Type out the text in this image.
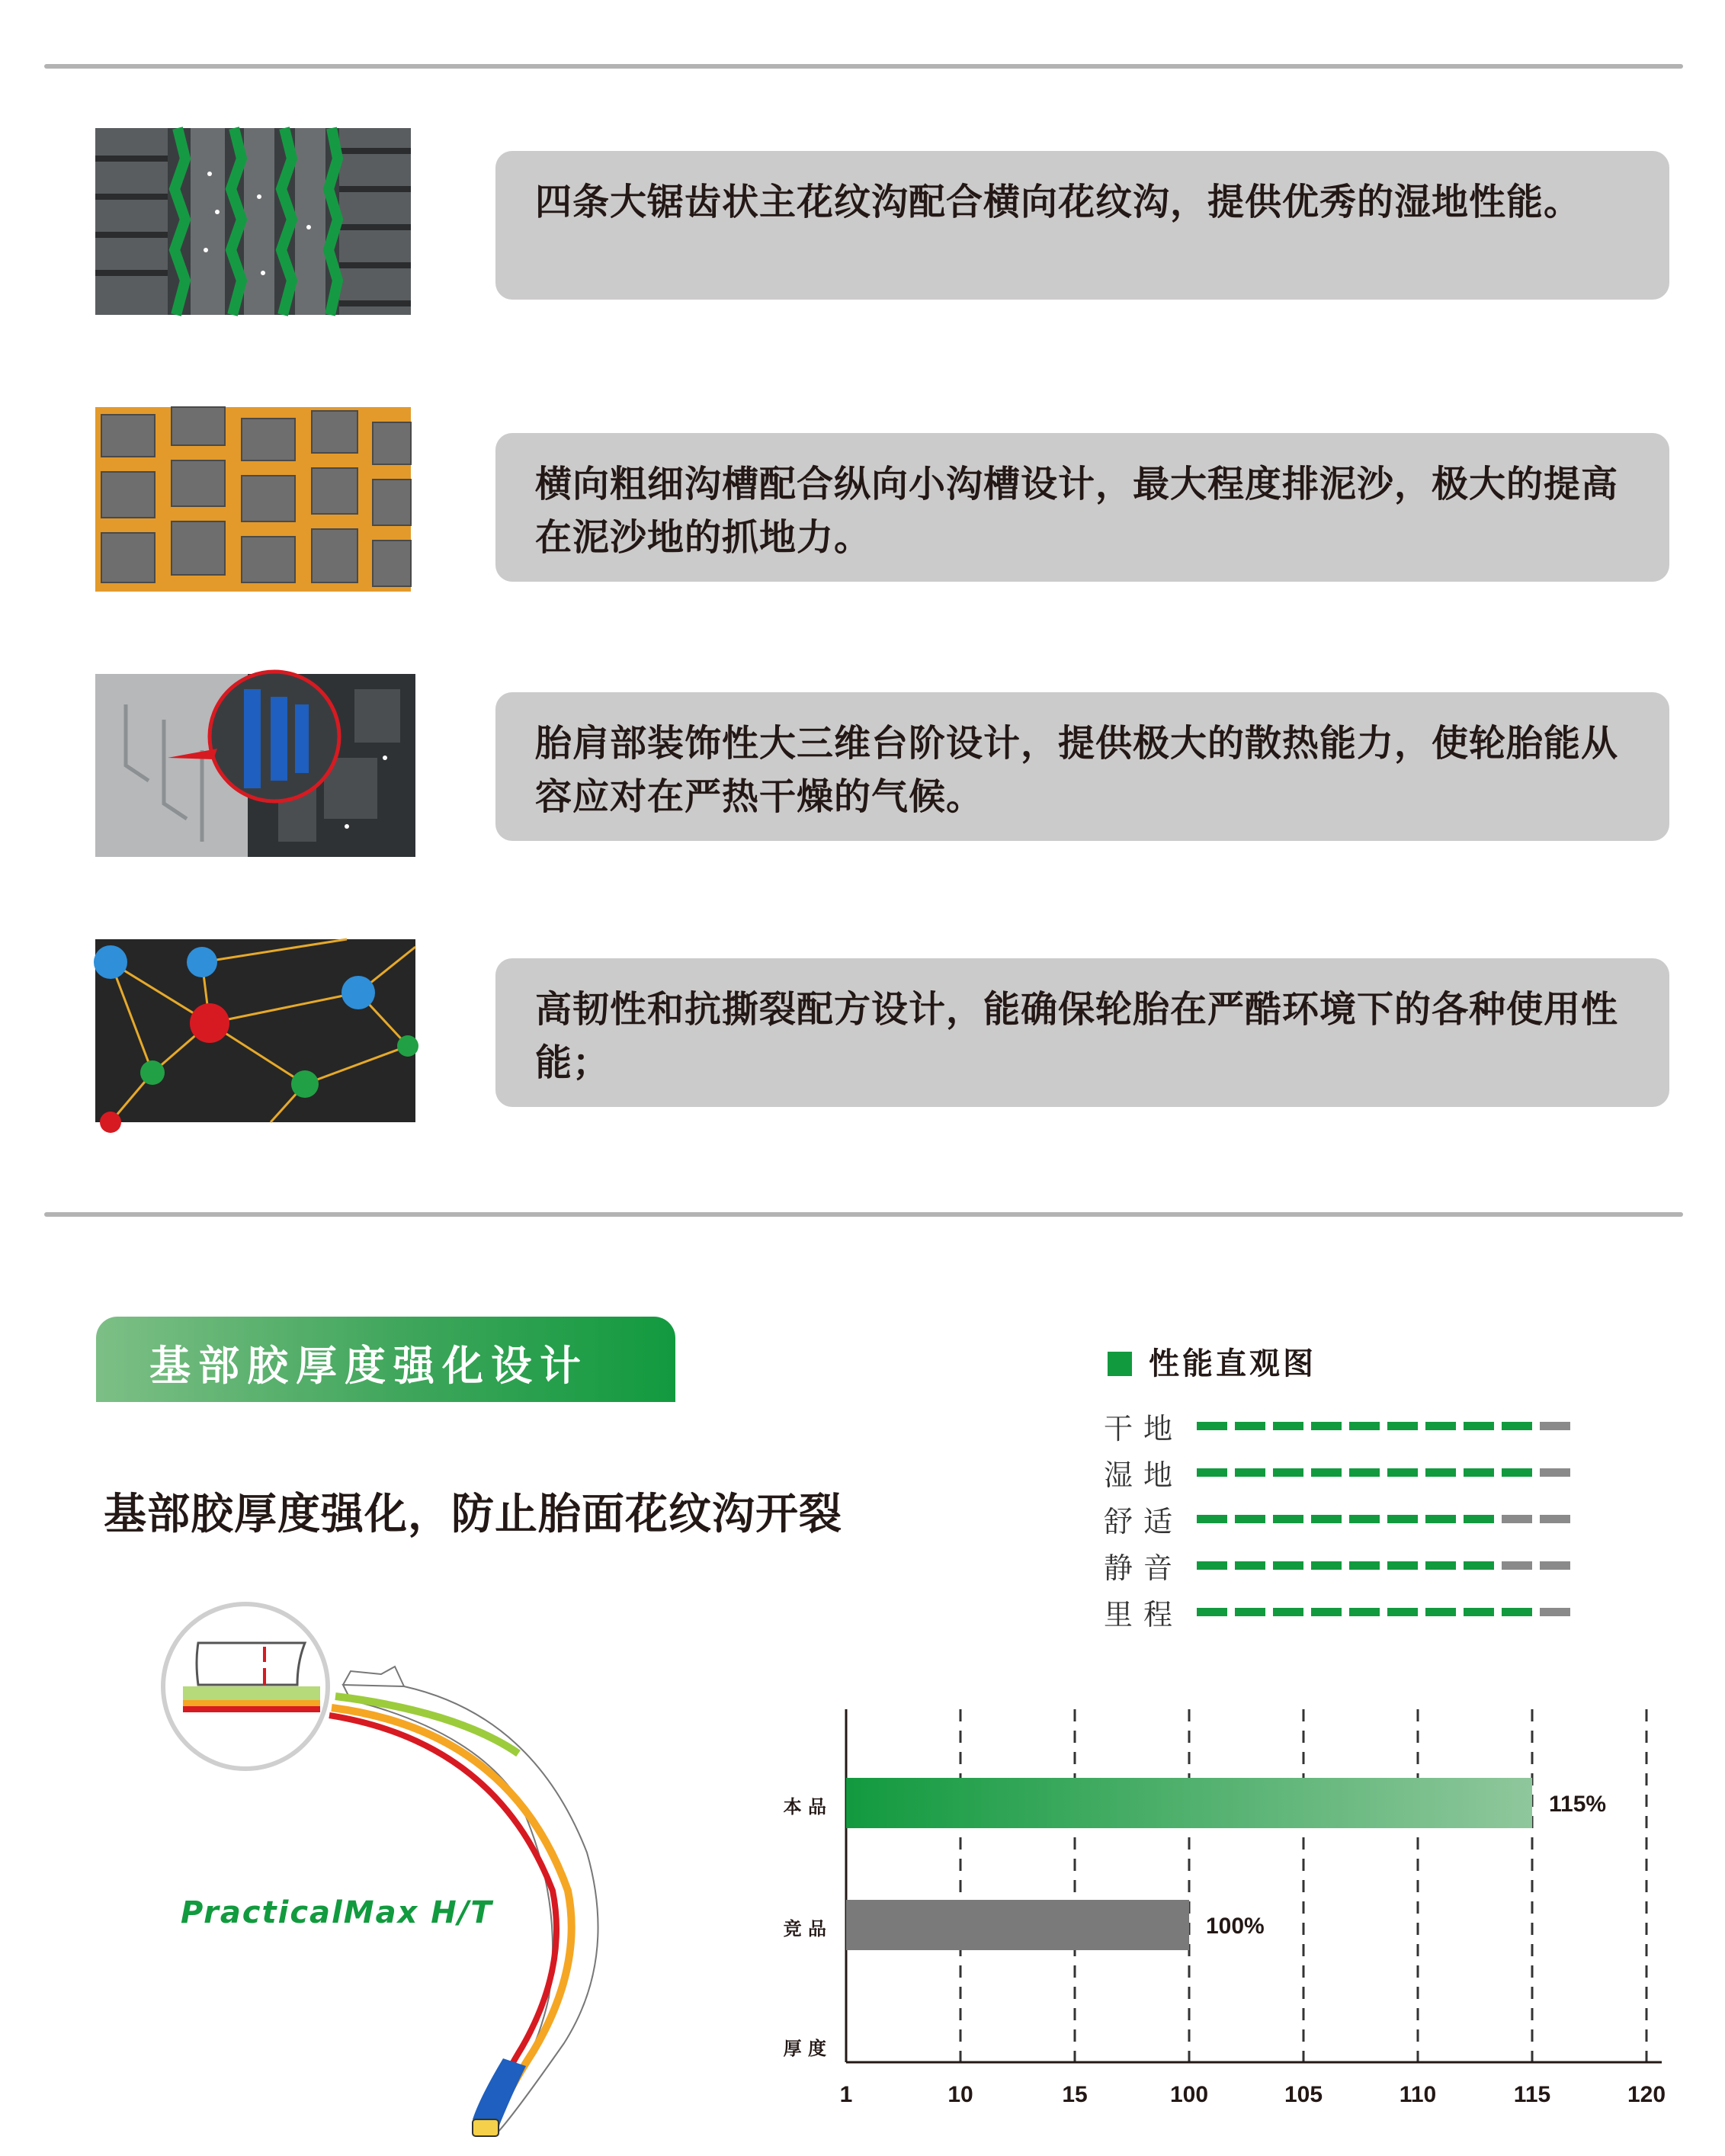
四条大锯齿状主花纹沟配合横向花纹沟，提供优秀的湿地性能。
横向粗细沟槽配合纵向小沟槽设计，最大程度排泥沙，极大的提高在泥沙地的抓地力。
胎肩部装饰性大三维台阶设计，提供极大的散热能力，使轮胎能从容应对在严热干燥的气候。
高韧性和抗撕裂配方设计，能确保轮胎在严酷环境下的各种使用性能；
基部胶厚度强化设计
基部胶厚度强化，防止胎面花纹沟开裂
性能直观图
干地
湿地
舒适
静音
里程
PracticalMax H/T
1	10	15	100	105	110	115	120
115%
本 品
100%
竞 品
厚 度
